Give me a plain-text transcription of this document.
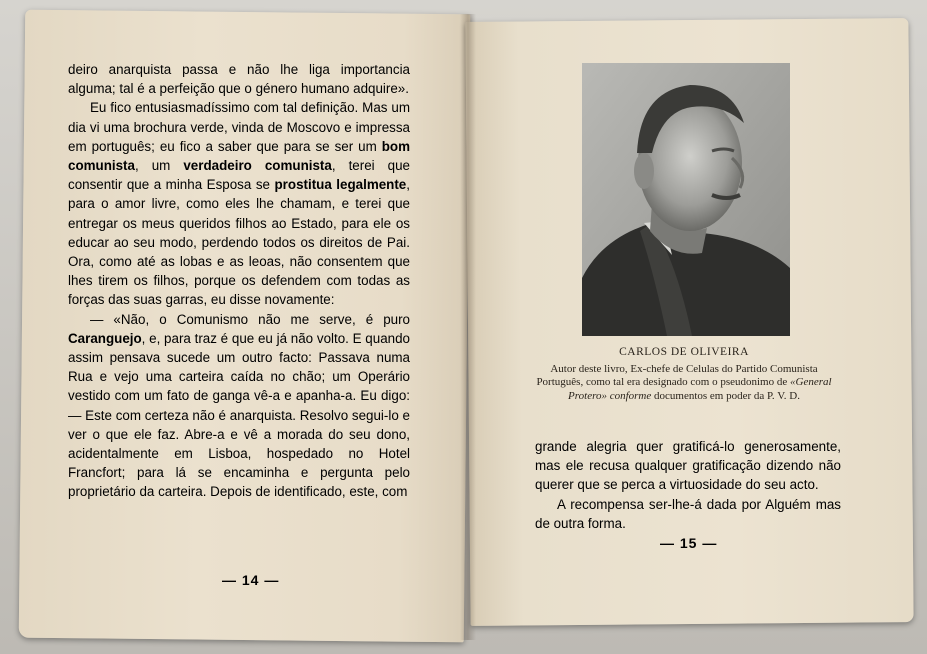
deiro anarquista passa e não lhe liga importancia alguma; tal é a perfeição que o género humano adquire».

Eu fico entusiasmadíssimo com tal definição. Mas um dia vi uma brochura verde, vinda de Moscovo e impressa em português; eu fico a saber que para se ser um bom comunista, um verdadeiro comunista, terei que consentir que a minha Esposa se prostitua legalmente, para o amor livre, como eles lhe chamam, e terei que entregar os meus queridos filhos ao Estado, para ele os educar ao seu modo, perdendo todos os direitos de Pai. Ora, como até as lobas e as leoas, não consentem que lhes tirem os filhos, porque os defendem com todas as forças das suas garras, eu disse novamente:

— «Não, o Comunismo não me serve, é puro Caranguejo, e, para traz é que eu já não volto. E quando assim pensava sucede um outro facto: Passava numa Rua e vejo uma carteira caída no chão; um Operário vestido com um fato de ganga vê-a e apanha-a. Eu digo: — Este com certeza não é anarquista. Resolvo segui-lo e ver o que ele faz. Abre-a e vê a morada do seu dono, acidentalmente em Lisboa, hospedado no Hotel Francfort; para lá se encaminha e pergunta pelo proprietário da carteira. Depois de identificado, este, com

— 14 —
CARLOS DE OLIVEIRA
Autor deste livro, Ex-chefe de Celulas do Partido Comunista Português, como tal era designado com o pseudonimo de «General Protero» conforme documentos em poder da P. V. D.

grande alegria quer gratificá-lo generosamente, mas ele recusa qualquer gratificação dizendo não querer que se perca a virtuosidade do seu acto.

A recompensa ser-lhe-á dada por Alguém mas de outra forma.

— 15 —
